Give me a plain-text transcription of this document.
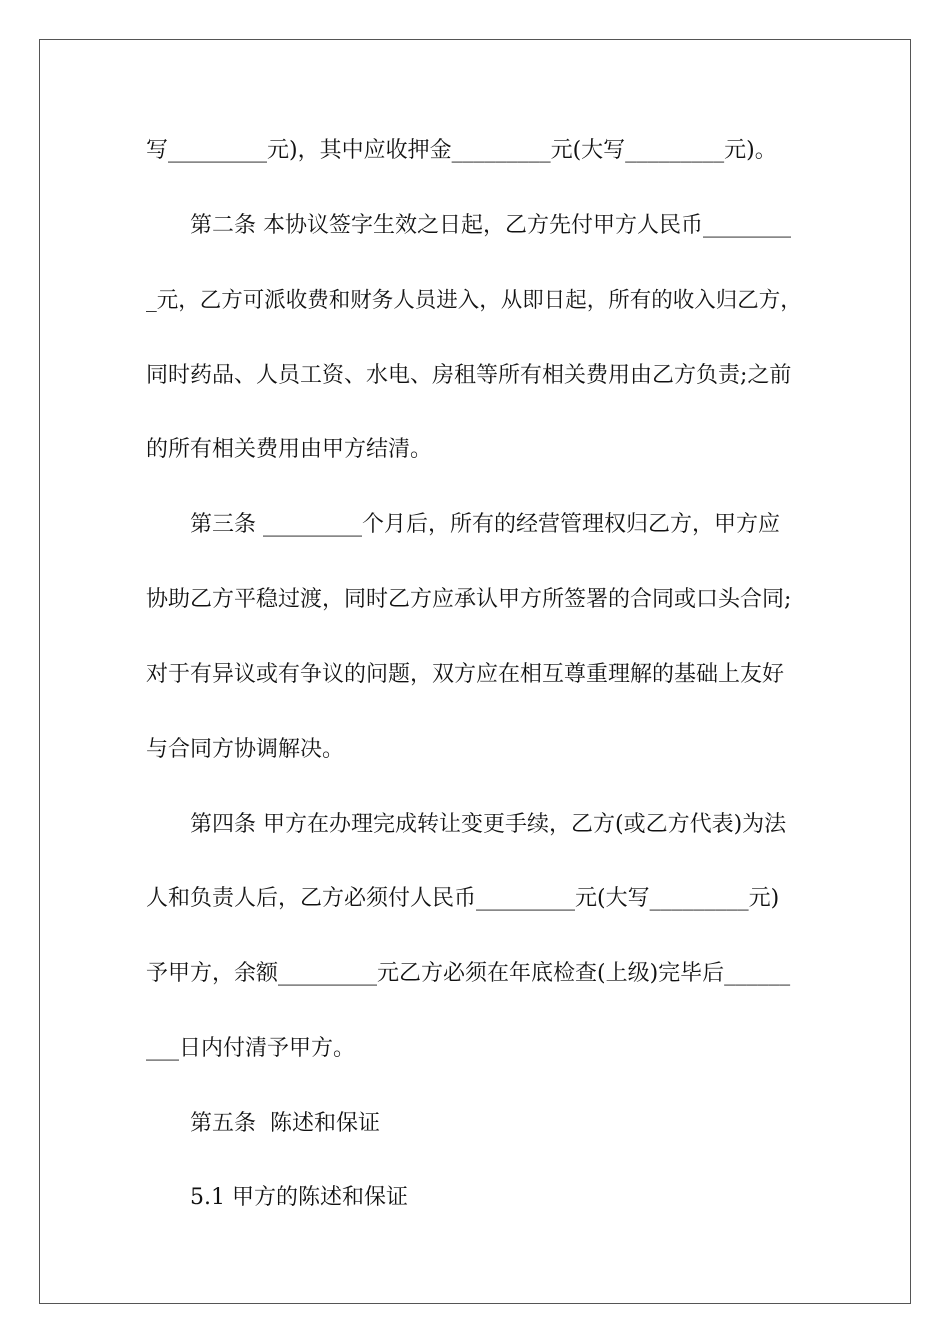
写_________元)，其中应收押金_________元(大写_________元)。
第二条 本协议签字生效之日起，乙方先付甲方人民币________
_元，乙方可派收费和财务人员进入，从即日起，所有的收入归乙方，
同时药品、人员工资、水电、房租等所有相关费用由乙方负责;之前
的所有相关费用由甲方结清。
第三条 _________个月后，所有的经营管理权归乙方，甲方应
协助乙方平稳过渡，同时乙方应承认甲方所签署的合同或口头合同;
对于有异议或有争议的问题，双方应在相互尊重理解的基础上友好
与合同方协调解决。
第四条 甲方在办理完成转让变更手续，乙方(或乙方代表)为法
人和负责人后，乙方必须付人民币_________元(大写_________元)
予甲方，余额_________元乙方必须在年底检查(上级)完毕后______
___日内付清予甲方。
第五条  陈述和保证
5.1 甲方的陈述和保证
